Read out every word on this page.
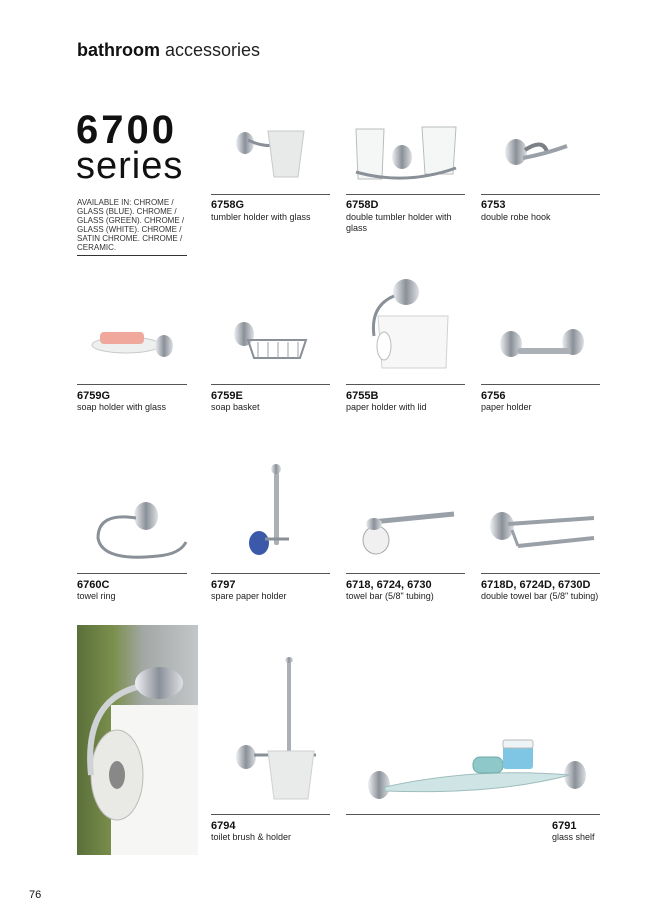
bathroom accessories
6700
series
AVAILABLE IN: CHROME / GLASS (BLUE). CHROME / GLASS (GREEN). CHROME / GLASS (WHITE). CHROME / SATIN CHROME. CHROME / CERAMIC.
6758G
tumbler holder with glass
6758D
double tumbler holder with glass
6753
double robe hook
6759G
soap holder with glass
6759E
soap basket
6755B
paper holder with lid
6756
paper holder
6760C
towel ring
6797
spare paper holder
6718, 6724, 6730
towel bar (5/8" tubing)
6718D, 6724D, 6730D
double towel bar (5/8" tubing)
6794
toilet brush & holder
6791
glass shelf
76
